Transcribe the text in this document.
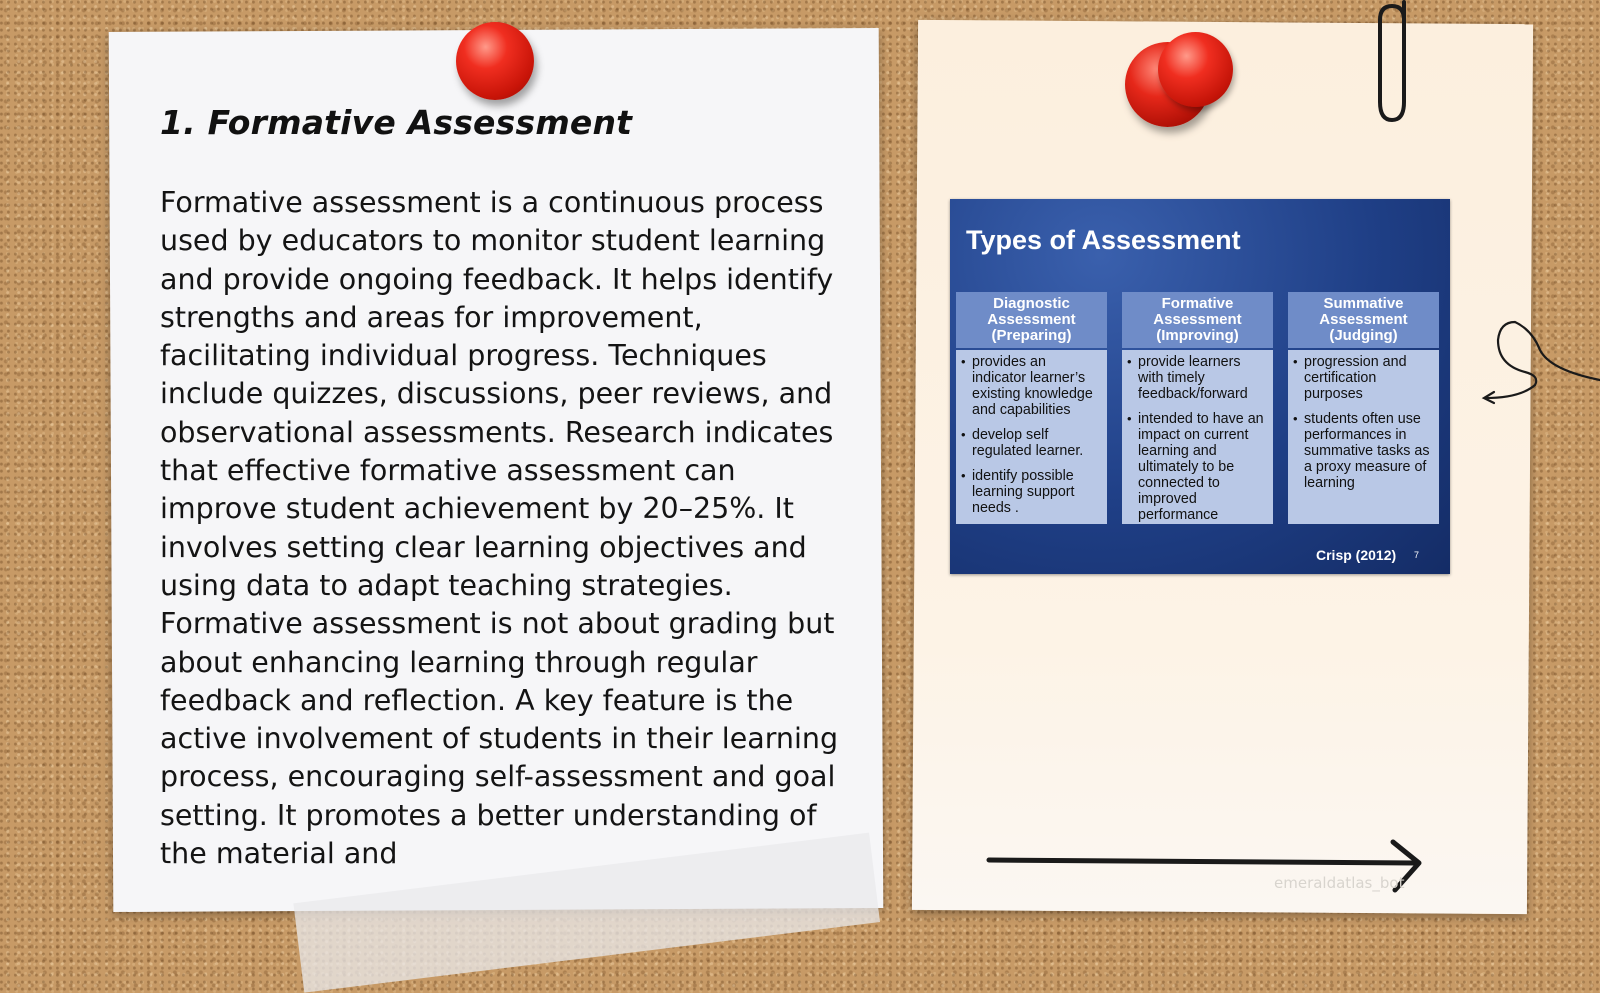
1. Formative Assessment

Formative assessment is a continuous process used by educators to monitor student learning and provide ongoing feedback. It helps identify strengths and areas for improvement, facilitating individual progress. Techniques include quizzes, discussions, peer reviews, and observational assessments. Research indicates that effective formative assessment can improve student achievement by 20–25%. It involves setting clear learning objectives and using data to adapt teaching strategies. Formative assessment is not about grading but about enhancing learning through regular feedback and reflection. A key feature is the active involvement of students in their learning process, encouraging self-assessment and goal setting. It promotes a better understanding of the material and

Types of Assessment
Diagnostic Assessment (Preparing)
• provides an indicator learner’s existing knowledge and capabilities
• develop self regulated learner.
• identify possible learning support needs .
Formative Assessment (Improving)
• provide learners with timely feedback/forward
• intended to have an impact on current learning and ultimately to be connected to improved performance
Summative Assessment (Judging)
• progression and certification purposes
• students often use performances in summative tasks as a proxy measure of learning
Crisp (2012) 7
emeraldatlas_bot
